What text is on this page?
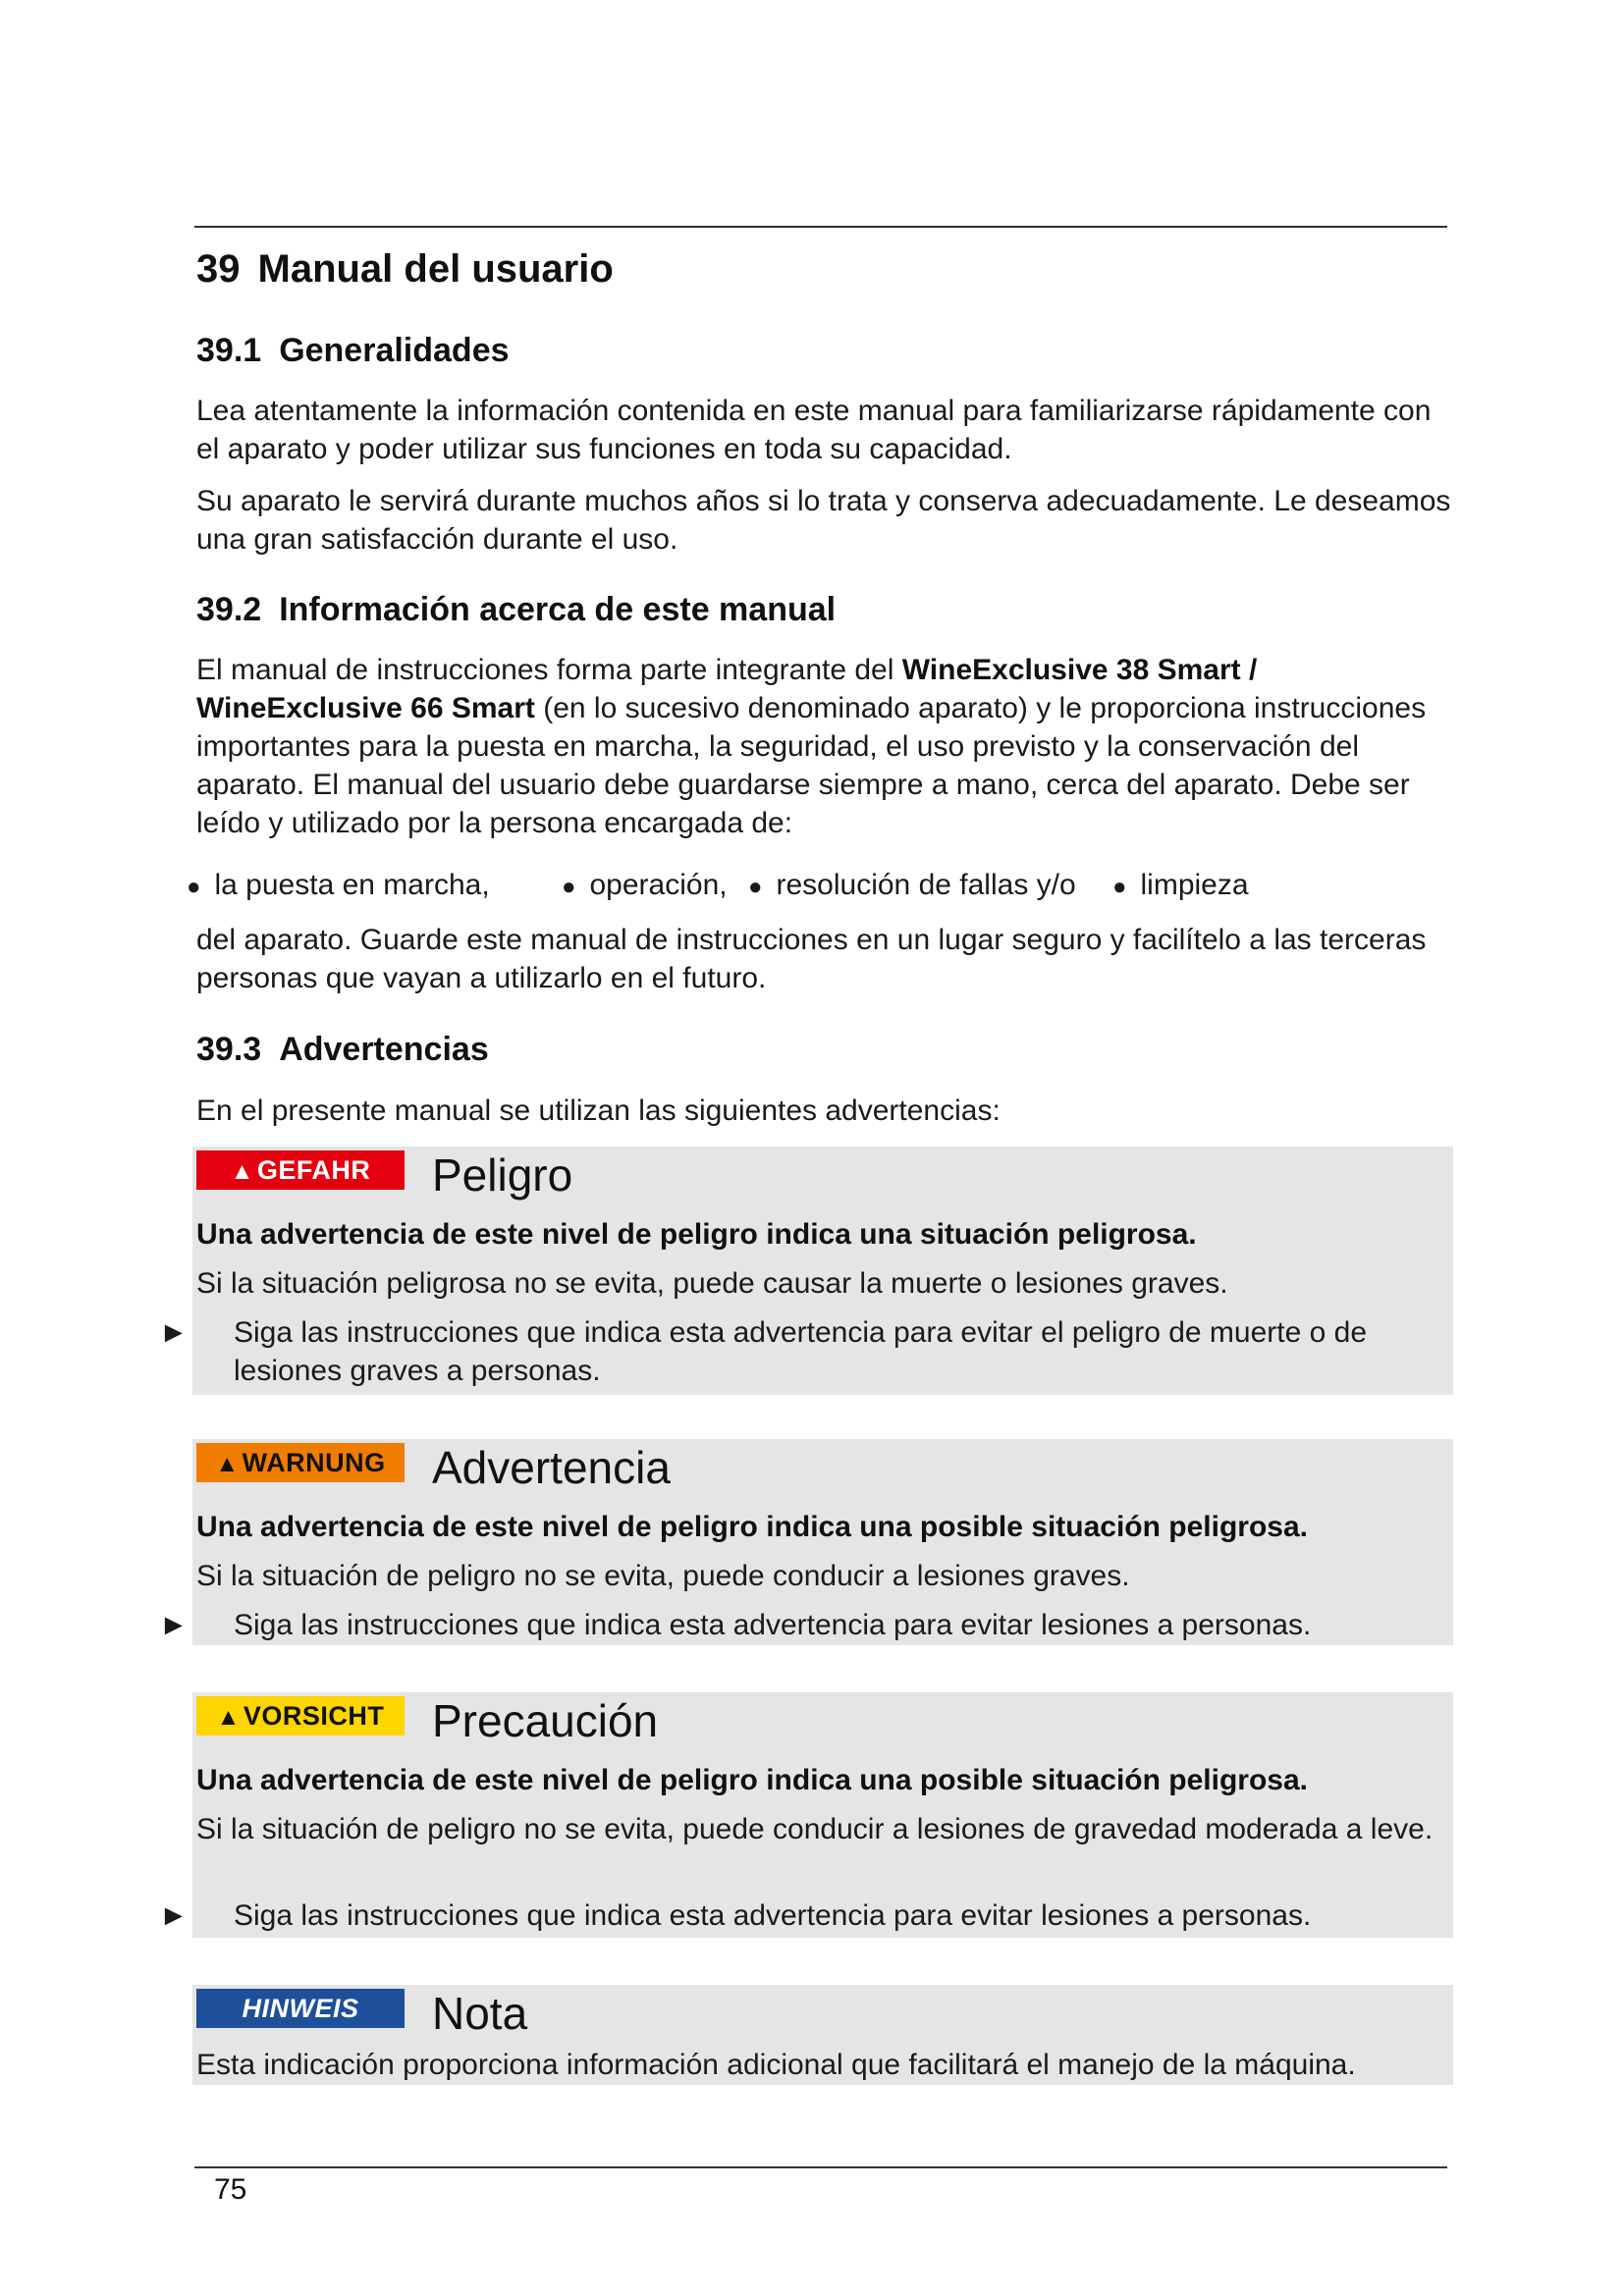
39 Manual del usuario
39.1 Generalidades

Lea atentamente la información contenida en este manual para familiarizarse rápidamente con el aparato y poder utilizar sus funciones en toda su capacidad.

Su aparato le servirá durante muchos años si lo trata y conserva adecuadamente. Le deseamos una gran satisfacción durante el uso.

39.2 Información acerca de este manual

El manual de instrucciones forma parte integrante del WineExclusive 38 Smart / WineExclusive 66 Smart (en lo sucesivo denominado aparato) y le proporciona instrucciones importantes para la puesta en marcha, la seguridad, el uso previsto y la conservación del aparato. El manual del usuario debe guardarse siempre a mano, cerca del aparato. Debe ser leído y utilizado por la persona encargada de:

● la puesta en marcha,	● operación, ● resolución de fallas y/o ● limpieza

del aparato. Guarde este manual de instrucciones en un lugar seguro y facilítelo a las terceras personas que vayan a utilizarlo en el futuro.

39.3 Advertencias

En el presente manual se utilizan las siguientes advertencias:

▲ GEFAHR	Peligro

Una advertencia de este nivel de peligro indica una situación peligrosa.

Si la situación peligrosa no se evita, puede causar la muerte o lesiones graves.

► Siga las instrucciones que indica esta advertencia para evitar el peligro de muerte o de lesiones graves a personas.

▲ WARNUNG	Advertencia

Una advertencia de este nivel de peligro indica una posible situación peligrosa.

Si la situación de peligro no se evita, puede conducir a lesiones graves.

► Siga las instrucciones que indica esta advertencia para evitar lesiones a personas.

▲ VORSICHT	Precaución

Una advertencia de este nivel de peligro indica una posible situación peligrosa.

Si la situación de peligro no se evita, puede conducir a lesiones de gravedad moderada a leve.

► Siga las instrucciones que indica esta advertencia para evitar lesiones a personas.

HINWEIS	Nota

Esta indicación proporciona información adicional que facilitará el manejo de la máquina.

75
